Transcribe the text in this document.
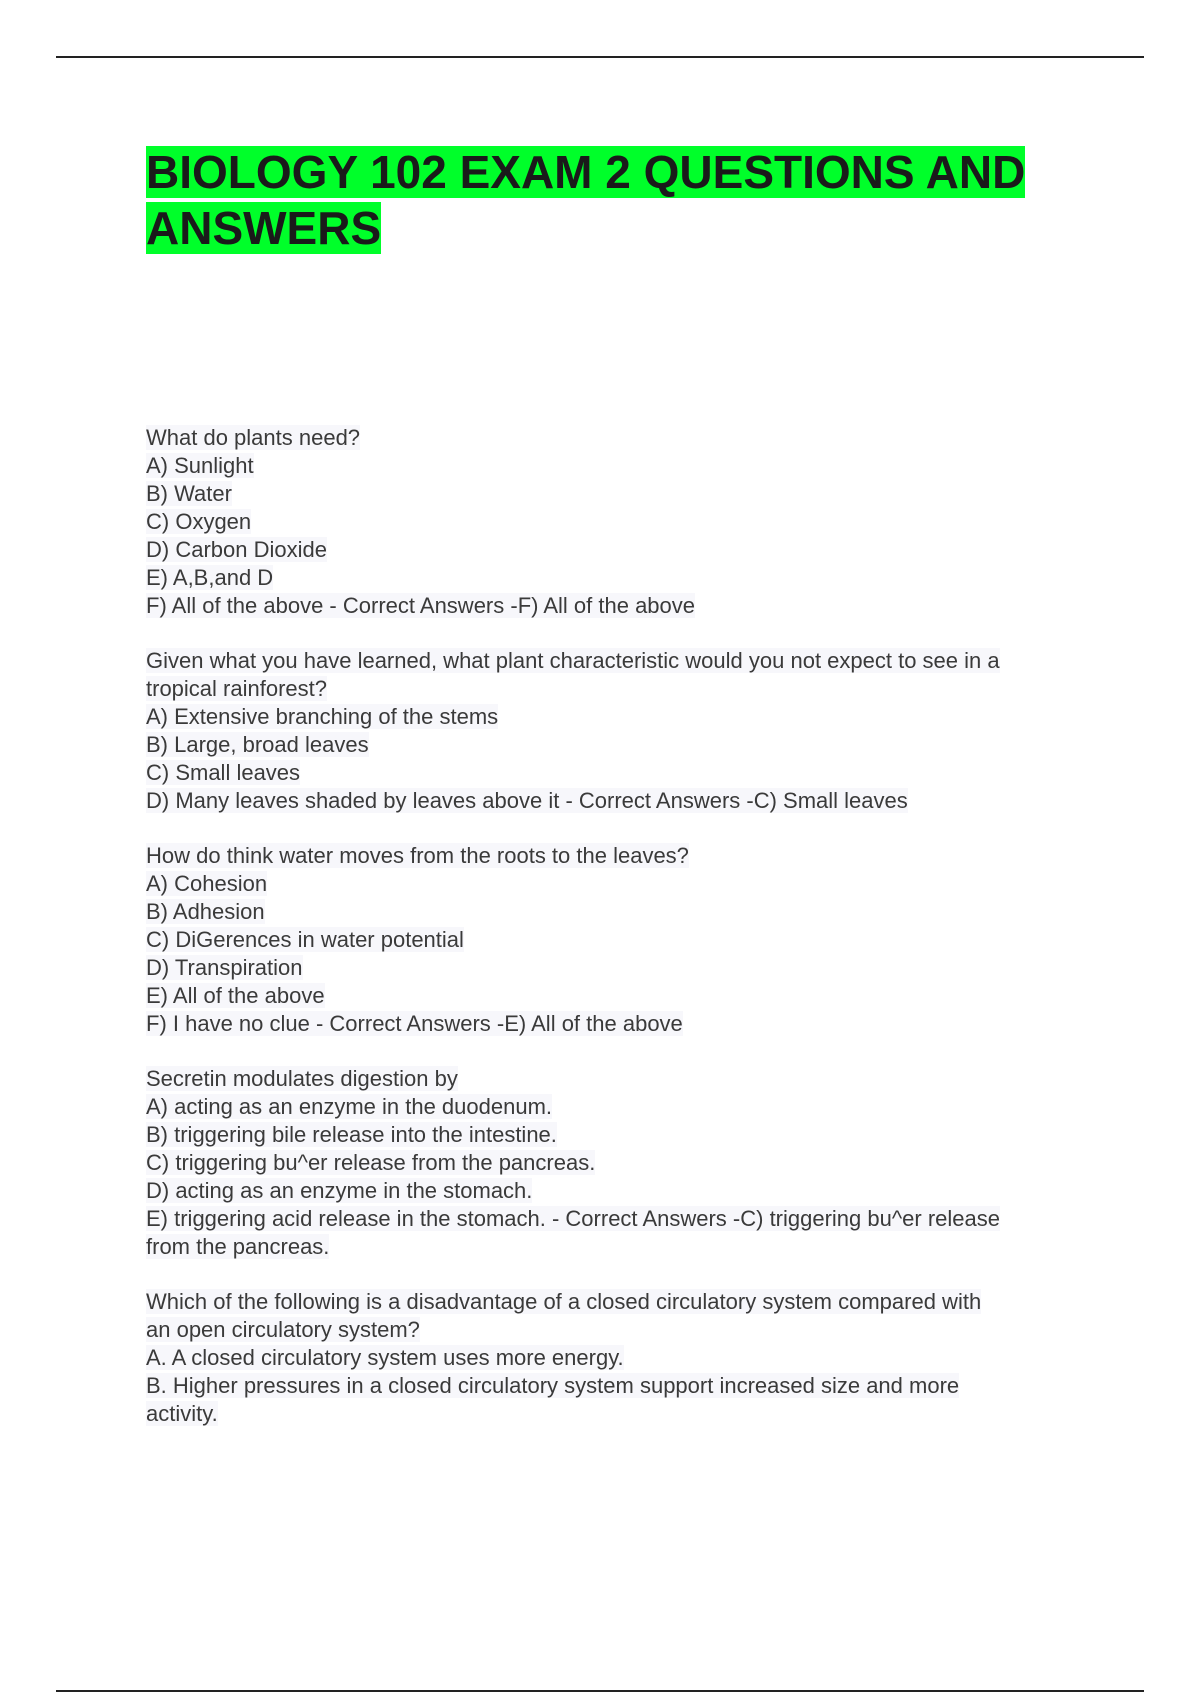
BIOLOGY 102 EXAM 2 QUESTIONS AND ANSWERS
What do plants need?
A) Sunlight
B) Water
C) Oxygen
D) Carbon Dioxide
E) A,B,and D
F) All of the above - Correct Answers -F) All of the above
Given what you have learned, what plant characteristic would you not expect to see in a
tropical rainforest?
A) Extensive branching of the stems
B) Large, broad leaves
C) Small leaves
D) Many leaves shaded by leaves above it - Correct Answers -C) Small leaves
How do think water moves from the roots to the leaves?
A) Cohesion
B) Adhesion
C) DiGerences in water potential
D) Transpiration
E) All of the above
F) I have no clue - Correct Answers -E) All of the above
Secretin modulates digestion by
A) acting as an enzyme in the duodenum.
B) triggering bile release into the intestine.
C) triggering bu^er release from the pancreas.
D) acting as an enzyme in the stomach.
E) triggering acid release in the stomach. - Correct Answers -C) triggering bu^er release
from the pancreas.
Which of the following is a disadvantage of a closed circulatory system compared with
an open circulatory system?
A. A closed circulatory system uses more energy.
B. Higher pressures in a closed circulatory system support increased size and more
activity.
